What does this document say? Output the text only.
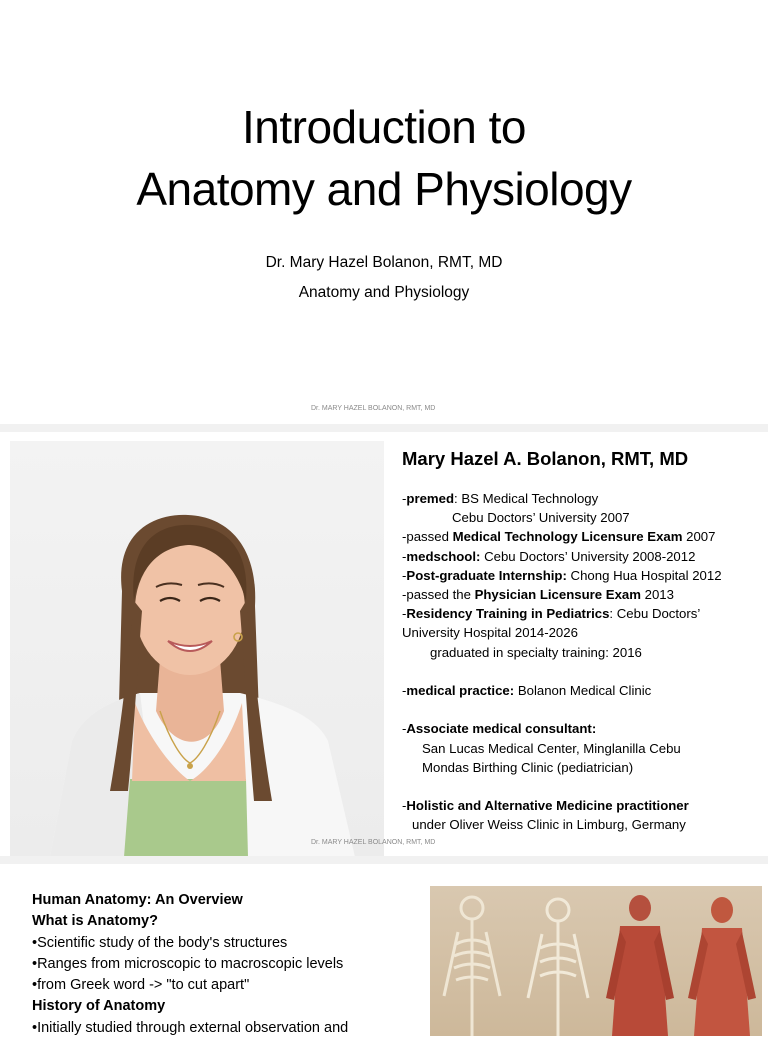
Introduction to
Anatomy and Physiology
Dr. Mary Hazel Bolanon, RMT, MD
Anatomy and Physiology
Dr. MARY HAZEL BOLANON, RMT, MD
Mary Hazel A. Bolanon, RMT, MD
-premed: BS Medical Technology
Cebu Doctors’ University 2007
-passed Medical Technology Licensure Exam 2007
-medschool: Cebu Doctors’ University 2008-2012
-Post-graduate Internship: Chong Hua Hospital 2012
-passed the Physician Licensure Exam 2013
-Residency Training in Pediatrics: Cebu Doctors’
University Hospital 2014-2026
graduated in specialty training: 2016
-medical practice: Bolanon Medical Clinic
-Associate medical consultant:
San Lucas Medical Center, Minglanilla Cebu
Mondas Birthing Clinic (pediatrician)
-Holistic and Alternative Medicine practitioner
under Oliver Weiss Clinic in Limburg, Germany
Dr. MARY HAZEL BOLANON, RMT, MD
Human Anatomy: An Overview
What is Anatomy?
•Scientific study of the body's structures
•Ranges from microscopic to macroscopic levels
•from Greek word -> "to cut apart"
History of Anatomy
•Initially studied through external observation and
